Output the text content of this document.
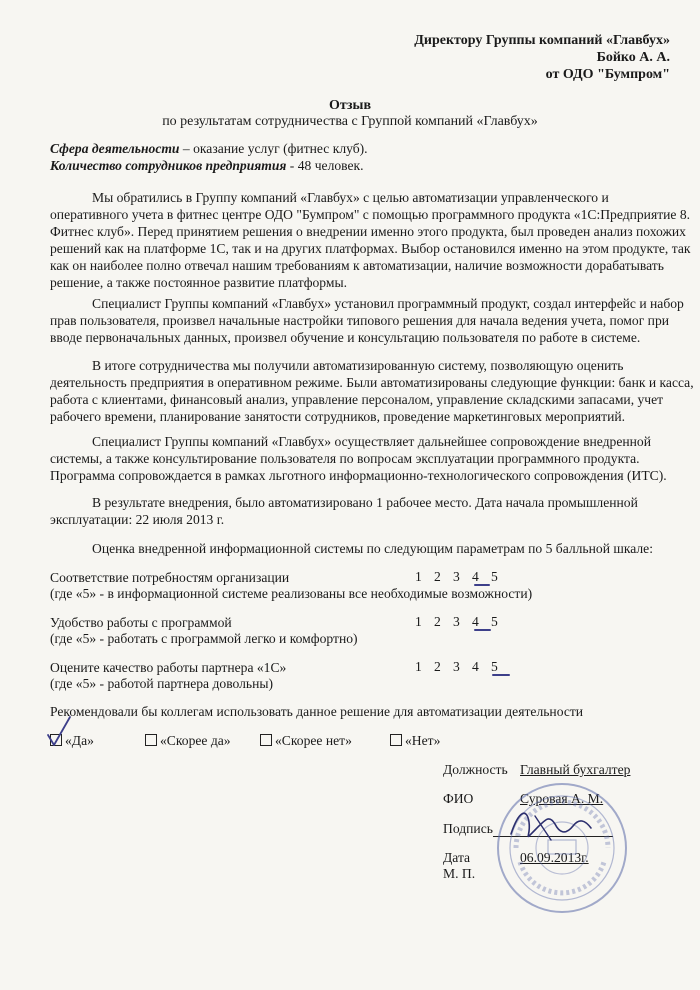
Директору Группы компаний «Главбух»
Бойко А. А.
от ОДО "Бумпром"
Отзыв
по результатам сотрудничества с Группой компаний «Главбух»
Сфера деятельности – оказание услуг (фитнес клуб).
Количество сотрудников предприятия - 48 человек.
Мы обратились в Группу компаний «Главбух» с целью автоматизации управленческого и
оперативного учета в фитнес центре ОДО "Бумпром" с помощью программного продукта «1С:Предприятие 8.
Фитнес клуб». Перед принятием решения о внедрении именно этого продукта, был проведен анализ похожих
решений как на платформе 1С, так и на других платформах. Выбор остановился именно на этом продукте, так
как он наиболее полно отвечал нашим требованиям к автоматизации, наличие возможности дорабатывать
решение, а также постоянное развитие платформы.
Специалист Группы компаний «Главбух» установил программный продукт, создал интерфейс и набор
прав пользователя, произвел начальные настройки типового решения для начала ведения учета, помог при
вводе первоначальных данных, произвел обучение и консультацию пользователя по работе в системе.
В итоге сотрудничества мы получили автоматизированную систему, позволяющую оценить
деятельность предприятия в оперативном режиме. Были автоматизированы следующие функции: банк и касса,
работа с клиентами, финансовый анализ, управление персоналом, управление складскими запасами, учет
рабочего времени, планирование занятости сотрудников, проведение маркетинговых мероприятий.
Специалист Группы компаний «Главбух» осуществляет дальнейшее сопровождение внедренной
системы, а также консультирование пользователя по вопросам эксплуатации программного продукта.
Программа сопровождается в рамках льготного информационно-технологического сопровождения (ИТС).
В результате внедрения, было автоматизировано 1 рабочее место. Дата начала промышленной
эксплуатации: 22 июля 2013 г.
Оценка внедренной информационной системы по следующим параметрам по 5 балльной шкале:
Соответствие потребностям организации
(где «5» - в информационной системе реализованы все необходимые возможности)
1 2 3 4 5
Удобство работы с программой
(где «5» - работать с программой легко и комфортно)
1 2 3 4 5
Оцените качество работы партнера «1С»
(где «5» - работой партнера довольны)
1 2 3 4 5
Рекомендовали бы коллегам использовать данное решение для автоматизации деятельности
«Да»	«Скорее да»	«Скорее нет»	«Нет»
Должность Главный бухгалтер
ФИО	Суровая А. М.
Подпись
Дата	06.09.2013г.
М. П.
